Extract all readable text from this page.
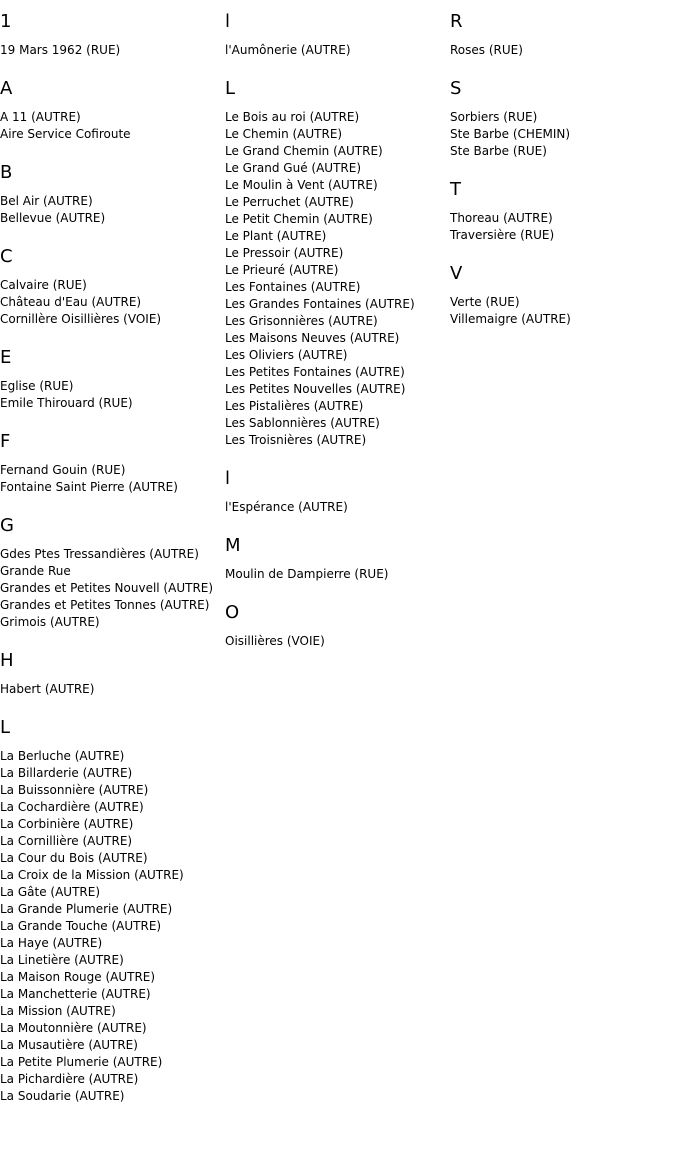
1
19 Mars 1962 (RUE)
A
A 11 (AUTRE)
Aire Service Cofiroute
B
Bel Air (AUTRE)
Bellevue (AUTRE)
C
Calvaire (RUE)
Château d'Eau (AUTRE)
Cornillère Oisillières (VOIE)
E
Eglise (RUE)
Emile Thirouard (RUE)
F
Fernand Gouin (RUE)
Fontaine Saint Pierre (AUTRE)
G
Gdes Ptes Tressandières (AUTRE)
Grande Rue
Grandes et Petites Nouvell (AUTRE)
Grandes et Petites Tonnes (AUTRE)
Grimois (AUTRE)
H
Habert (AUTRE)
L
La Berluche (AUTRE)
La Billarderie (AUTRE)
La Buissonnière (AUTRE)
La Cochardière (AUTRE)
La Corbinière (AUTRE)
La Cornillière (AUTRE)
La Cour du Bois (AUTRE)
La Croix de la Mission (AUTRE)
La Gâte (AUTRE)
La Grande Plumerie (AUTRE)
La Grande Touche (AUTRE)
La Haye (AUTRE)
La Linetière (AUTRE)
La Maison Rouge (AUTRE)
La Manchetterie (AUTRE)
La Mission (AUTRE)
La Moutonnière (AUTRE)
La Musautière (AUTRE)
La Petite Plumerie (AUTRE)
La Pichardière (AUTRE)
La Soudarie (AUTRE)
l
l'Aumônerie (AUTRE)
L
Le Bois au roi (AUTRE)
Le Chemin (AUTRE)
Le Grand Chemin (AUTRE)
Le Grand Gué (AUTRE)
Le Moulin à Vent (AUTRE)
Le Perruchet (AUTRE)
Le Petit Chemin (AUTRE)
Le Plant (AUTRE)
Le Pressoir (AUTRE)
Le Prieuré (AUTRE)
Les Fontaines (AUTRE)
Les Grandes Fontaines (AUTRE)
Les Grisonnières (AUTRE)
Les Maisons Neuves (AUTRE)
Les Oliviers (AUTRE)
Les Petites Fontaines (AUTRE)
Les Petites Nouvelles (AUTRE)
Les Pistalières (AUTRE)
Les Sablonnières (AUTRE)
Les Troisnières (AUTRE)
l
l'Espérance (AUTRE)
M
Moulin de Dampierre (RUE)
O
Oisillières (VOIE)
R
Roses (RUE)
S
Sorbiers (RUE)
Ste Barbe (CHEMIN)
Ste Barbe (RUE)
T
Thoreau (AUTRE)
Traversière (RUE)
V
Verte (RUE)
Villemaigre (AUTRE)
